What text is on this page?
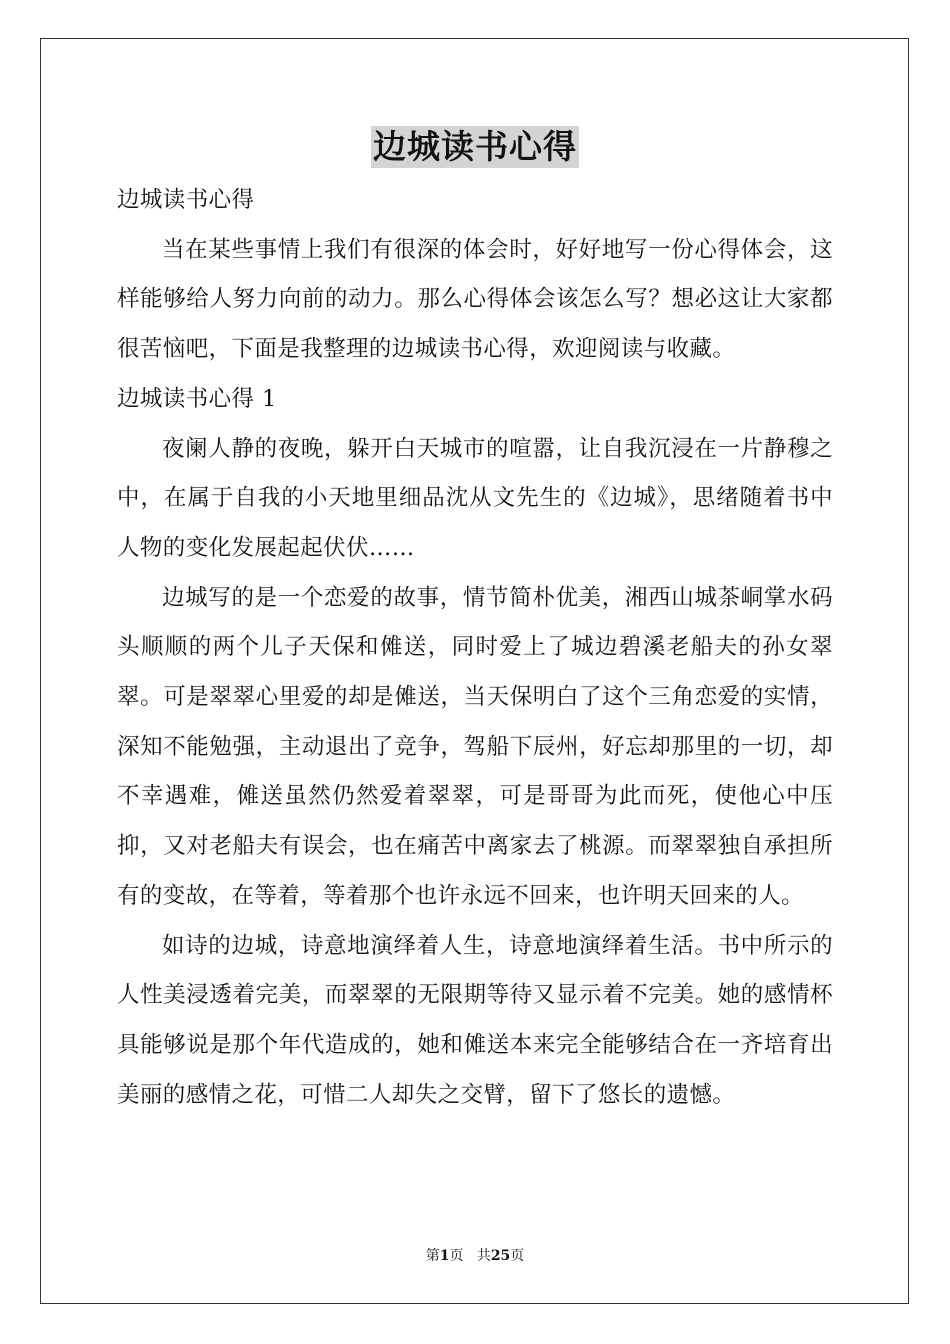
边城读书心得

边城读书心得

当在某些事情上我们有很深的体会时，好好地写一份心得体会，这样能够给人努力向前的动力。那么心得体会该怎么写？想必这让大家都很苦恼吧，下面是我整理的边城读书心得，欢迎阅读与收藏。

边城读书心得 1

夜阑人静的夜晚，躲开白天城市的喧嚣，让自我沉浸在一片静穆之中，在属于自我的小天地里细品沈从文先生的《边城》，思绪随着书中人物的变化发展起起伏伏……

边城写的是一个恋爱的故事，情节简朴优美，湘西山城茶峒掌水码头顺顺的两个儿子天保和傩送，同时爱上了城边碧溪老船夫的孙女翠翠。可是翠翠心里爱的却是傩送，当天保明白了这个三角恋爱的实情，深知不能勉强，主动退出了竞争，驾船下辰州，好忘却那里的一切，却不幸遇难，傩送虽然仍然爱着翠翠，可是哥哥为此而死，使他心中压抑，又对老船夫有误会，也在痛苦中离家去了桃源。而翠翠独自承担所有的变故，在等着，等着那个也许永远不回来，也许明天回来的人。

如诗的边城，诗意地演绎着人生，诗意地演绎着生活。书中所示的人性美浸透着完美，而翠翠的无限期等待又显示着不完美。她的感情杯具能够说是那个年代造成的，她和傩送本来完全能够结合在一齐培育出美丽的感情之花，可惜二人却失之交臂，留下了悠长的遗憾。

第1页 共25页
